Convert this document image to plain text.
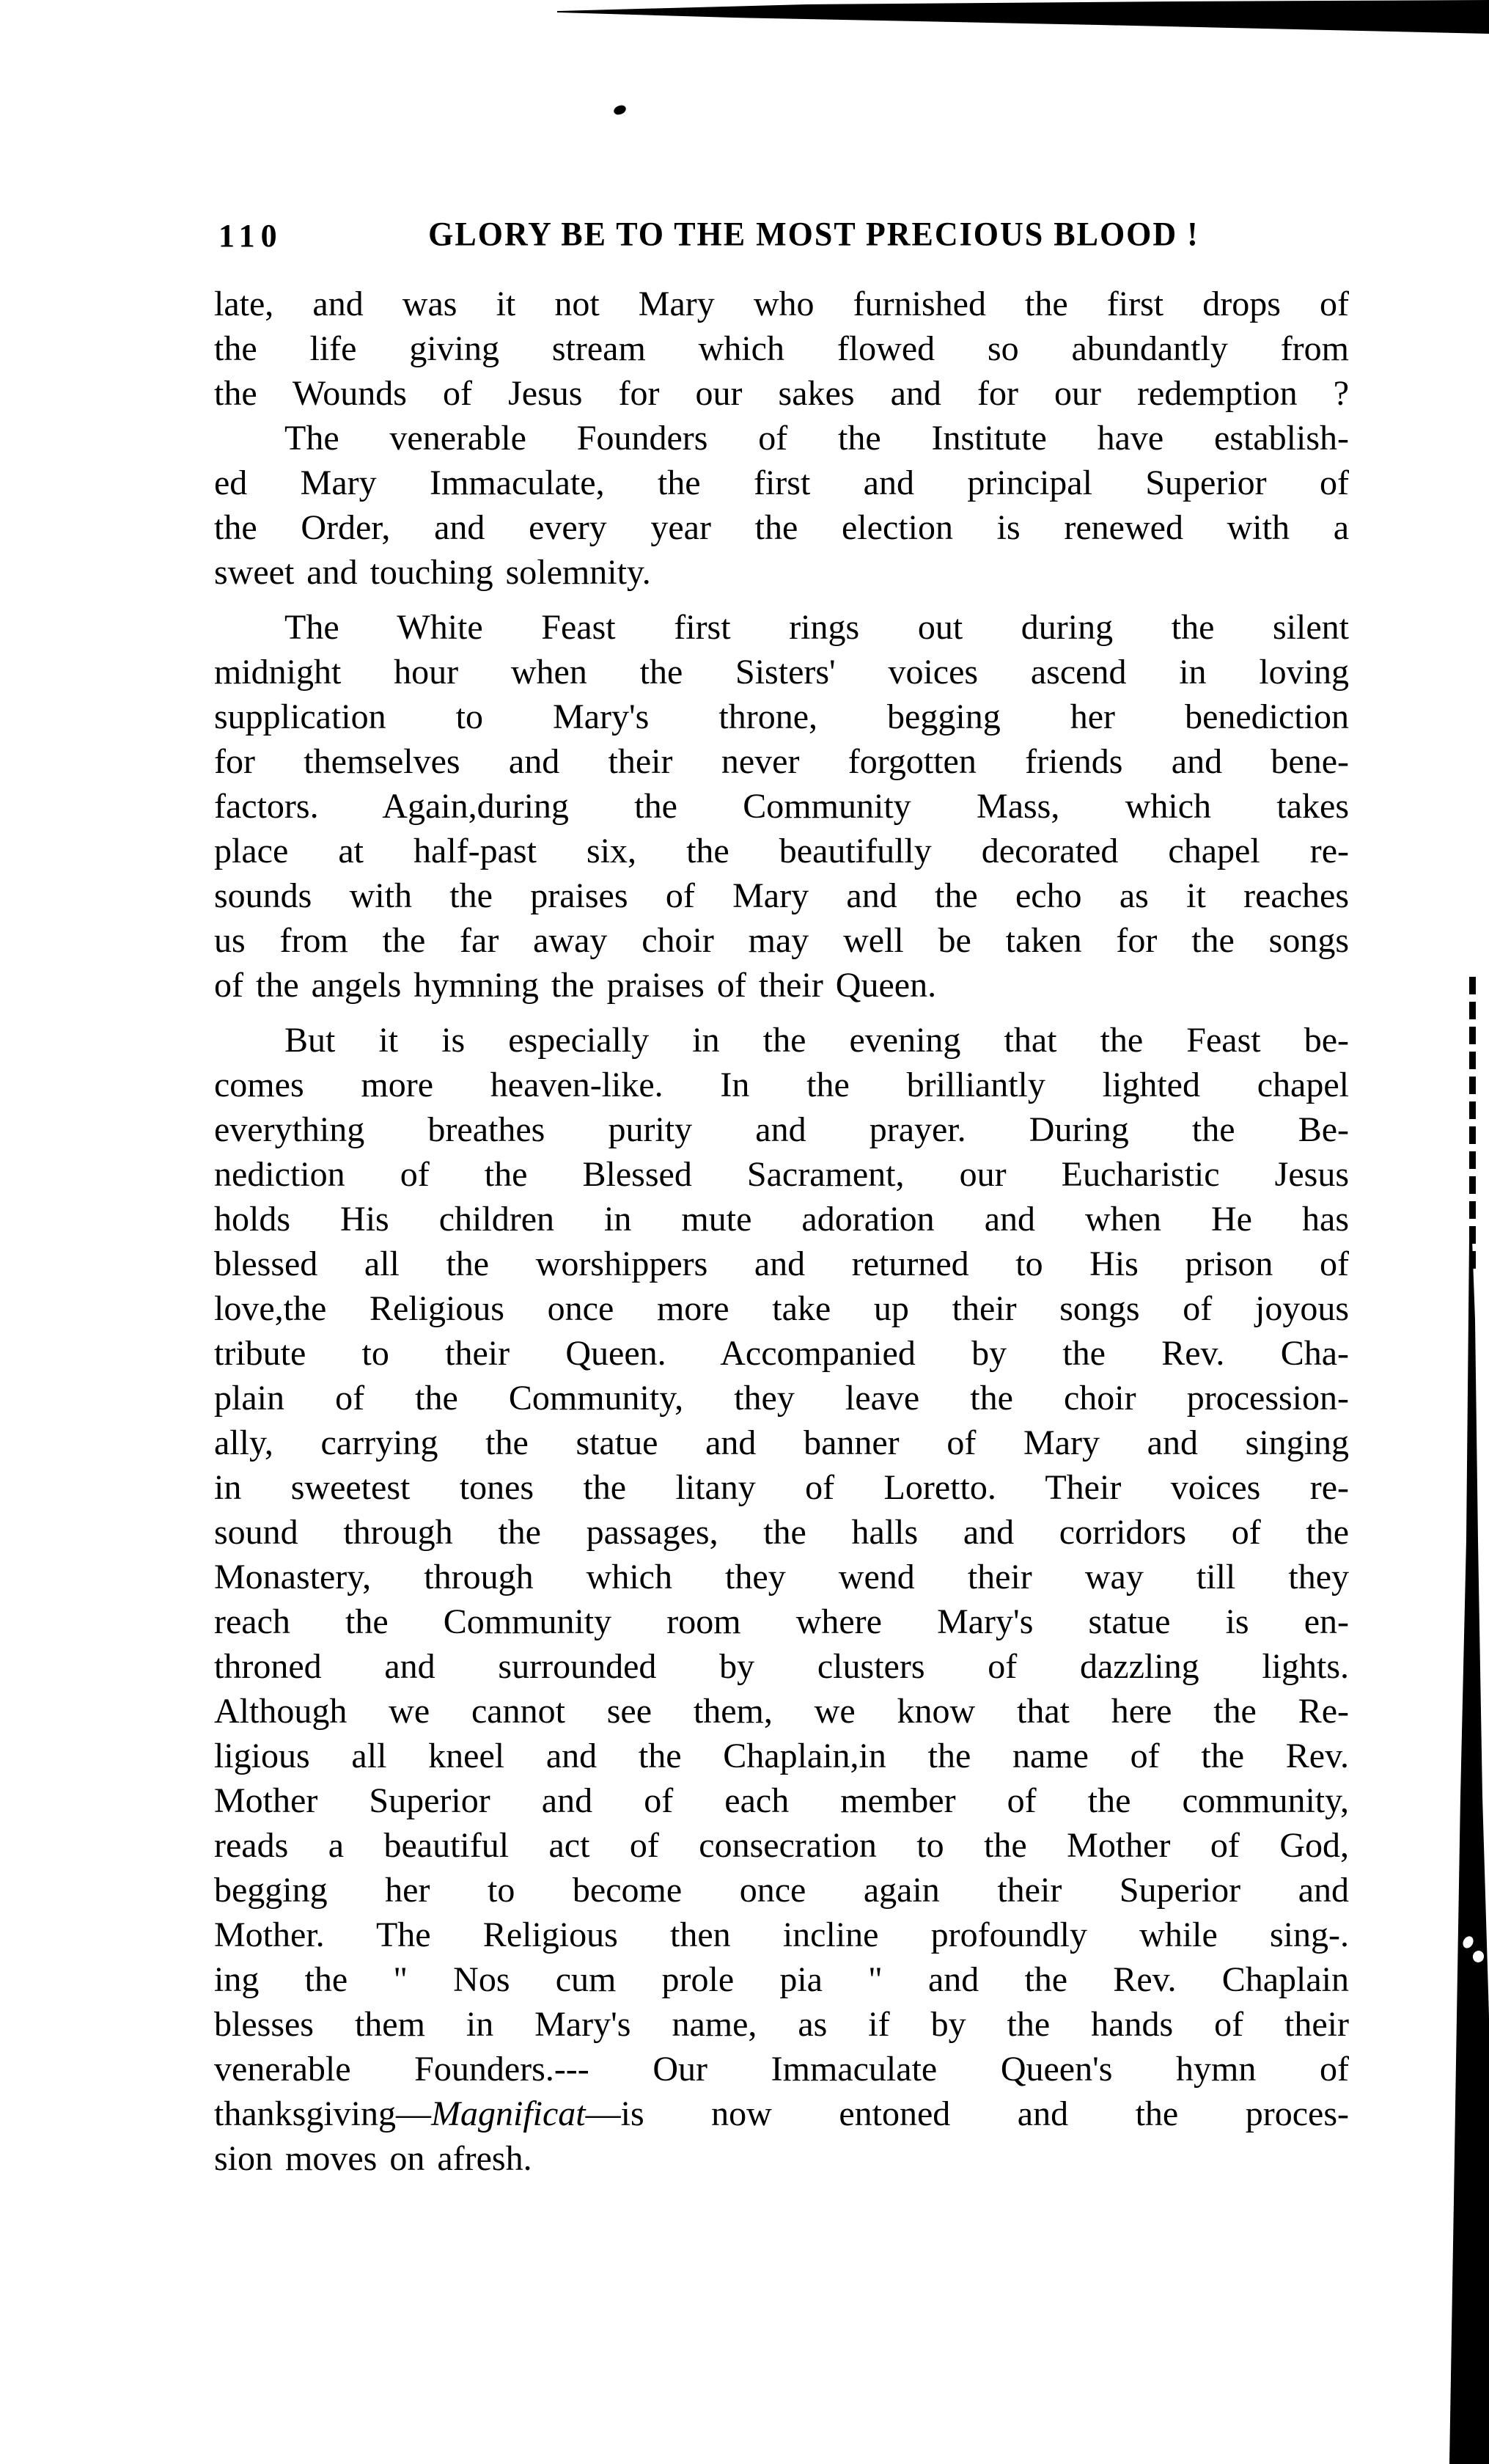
110	GLORY BE TO THE MOST PRECIOUS BLOOD !
late, and was it not Mary who furnished the first drops of
the life giving stream which flowed so abundantly from
the Wounds of Jesus for our sakes and for our redemption ?
The venerable Founders of the Institute have establish-
ed Mary Immaculate, the first and principal Superior of
the Order, and every year the election is renewed with a
sweet and touching solemnity.
The White Feast first rings out during the silent
midnight hour when the Sisters' voices ascend in loving
supplication to Mary's throne, begging her benediction
for themselves and their never forgotten friends and bene-
factors. Again,during the Community Mass, which takes
place at half-past six, the beautifully decorated chapel re-
sounds with the praises of Mary and the echo as it reaches
us from the far away choir may well be taken for the songs
of the angels hymning the praises of their Queen.
But it is especially in the evening that the Feast be-
comes more heaven-like. In the brilliantly lighted chapel
everything breathes purity and prayer. During the Be-
nediction of the Blessed Sacrament, our Eucharistic Jesus
holds His children in mute adoration and when He has
blessed all the worshippers and returned to His prison of
love,the Religious once more take up their songs of joyous
tribute to their Queen. Accompanied by the Rev. Cha-
plain of the Community, they leave the choir procession-
ally, carrying the statue and banner of Mary and singing
in sweetest tones the litany of Loretto. Their voices re-
sound through the passages, the halls and corridors of the
Monastery, through which they wend their way till they
reach the Community room where Mary's statue is en-
throned and surrounded by clusters of dazzling lights.
Although we cannot see them, we know that here the Re-
ligious all kneel and the Chaplain,in the name of the Rev.
Mother Superior and of each member of the community,
reads a beautiful act of consecration to the Mother of God,
begging her to become once again their Superior and
Mother. The Religious then incline profoundly while sing-.
ing the " Nos cum prole pia " and the Rev. Chaplain
blesses them in Mary's name, as if by the hands of their
venerable Founders.--- Our Immaculate Queen's hymn of
thanksgiving—Magnificat—is now entoned and the proces-
sion moves on afresh.
